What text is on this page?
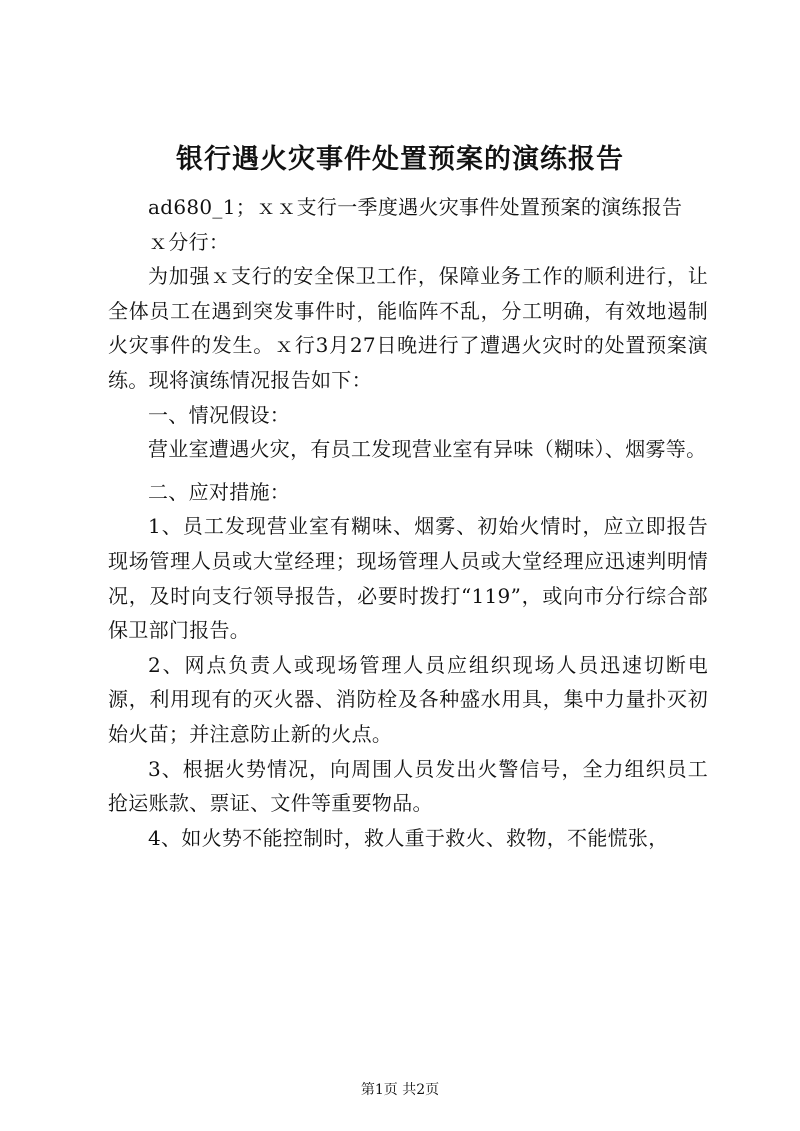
银行遇火灾事件处置预案的演练报告

ad680_1；ｘｘ支行一季度遇火灾事件处置预案的演练报告

ｘ分行：

为加强ｘ支行的安全保卫工作，保障业务工作的顺利进行，让全体员工在遇到突发事件时，能临阵不乱，分工明确，有效地遏制火灾事件的发生。ｘ行3月27日晚进行了遭遇火灾时的处置预案演练。现将演练情况报告如下：

一、情况假设：

营业室遭遇火灾，有员工发现营业室有异味（糊味）、烟雾等。

二、应对措施：

1、员工发现营业室有糊味、烟雾、初始火情时，应立即报告现场管理人员或大堂经理；现场管理人员或大堂经理应迅速判明情况，及时向支行领导报告，必要时拨打“119”，或向市分行综合部保卫部门报告。

2、网点负责人或现场管理人员应组织现场人员迅速切断电源，利用现有的灭火器、消防栓及各种盛水用具，集中力量扑灭初始火苗；并注意防止新的火点。

3、根据火势情况，向周围人员发出火警信号，全力组织员工抢运账款、票证、文件等重要物品。

4、如火势不能控制时，救人重于救火、救物，不能慌张，

第1页 共2页
